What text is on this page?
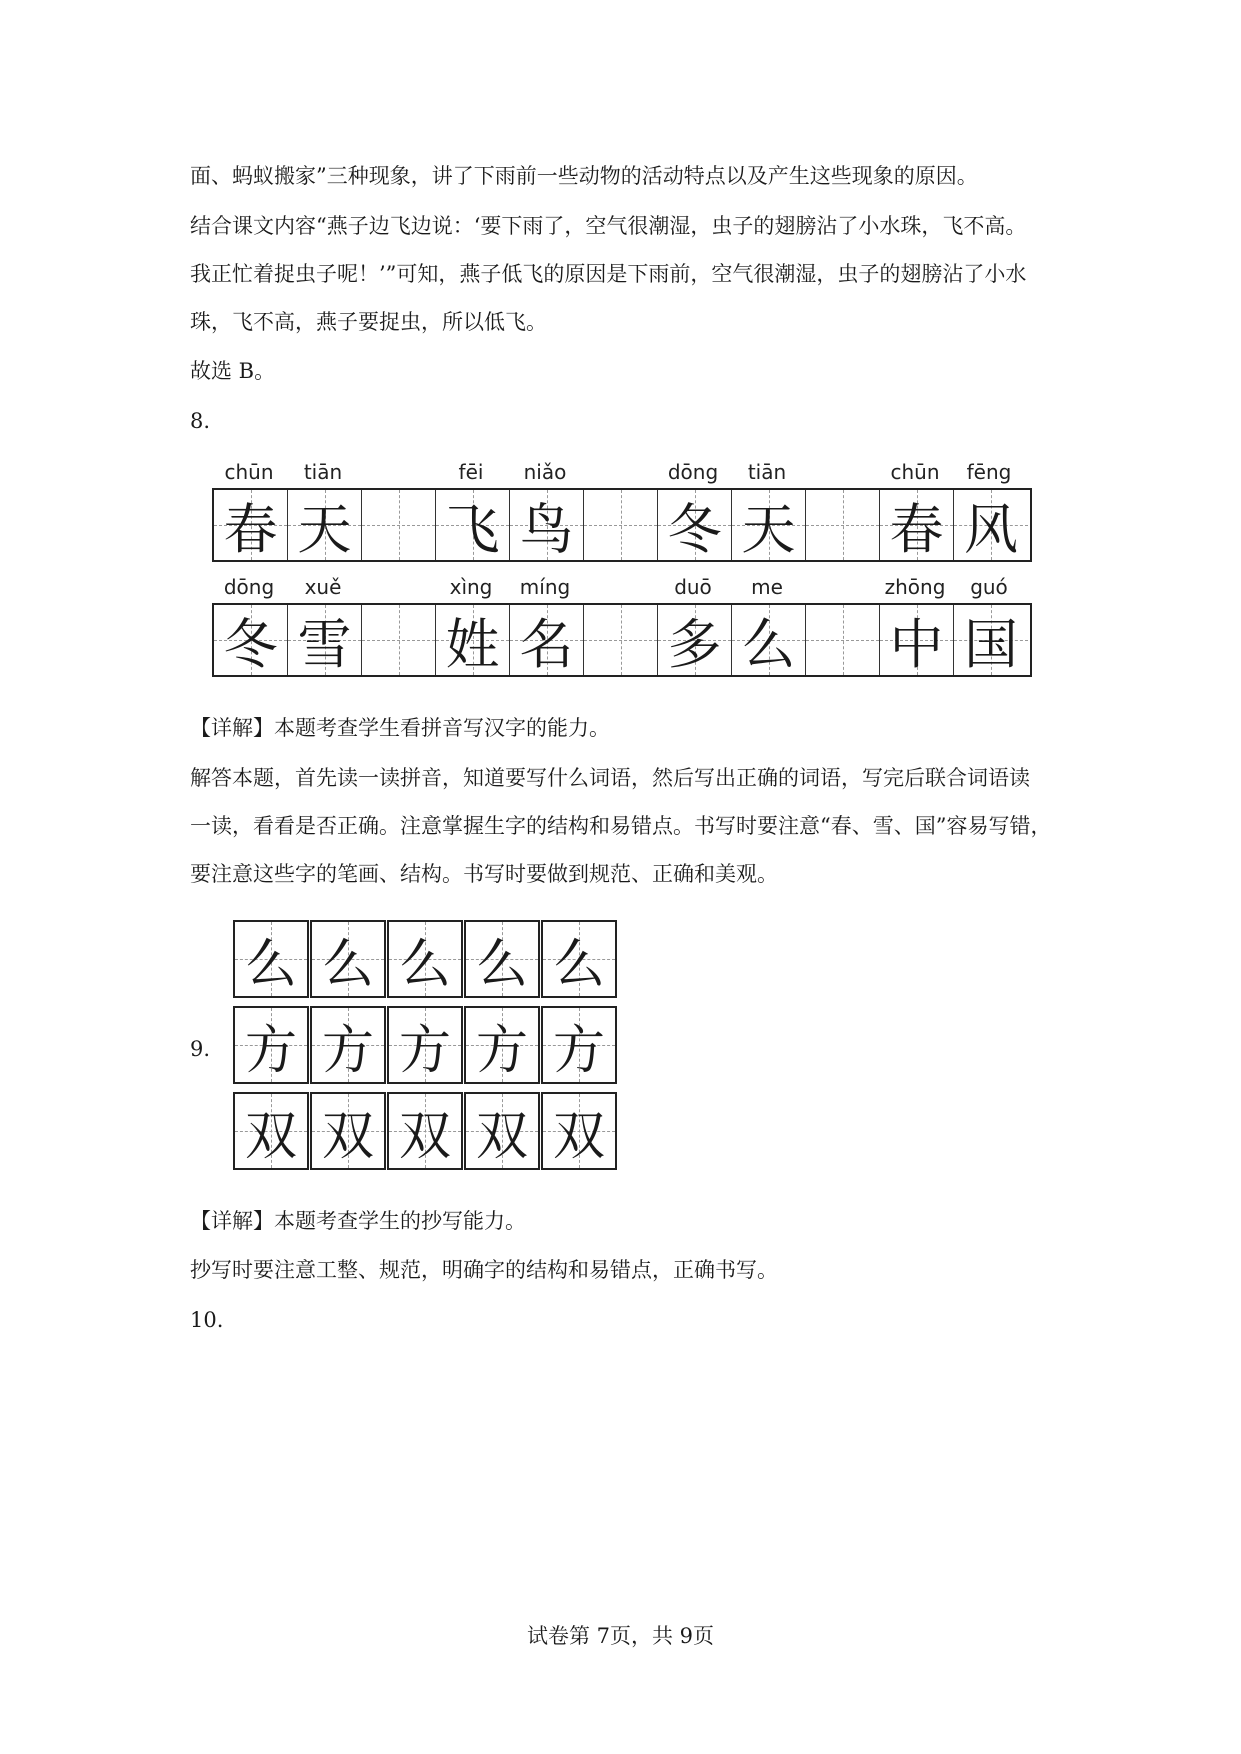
面、蚂蚁搬家”三种现象，讲了下雨前一些动物的活动特点以及产生这些现象的原因。

结合课文内容“燕子边飞边说：‘要下雨了，空气很潮湿，虫子的翅膀沾了小水珠，飞不高。

我正忙着捉虫子呢！’”可知，燕子低飞的原因是下雨前，空气很潮湿，虫子的翅膀沾了小水

珠，飞不高，燕子要捉虫，所以低飞。

故选 B。

8.
chūn	tiān	fēi	niǎo	dōng	tiān	chūn	fēng
春 天 飞 鸟 冬 天 春 风
dōng	xuě	xìng	míng	duō	me	zhōng	guó
冬 雪 姓 名 多 么 中 国

【详解】本题考查学生看拼音写汉字的能力。

解答本题，首先读一读拼音，知道要写什么词语，然后写出正确的词语，写完后联合词语读

一读，看看是否正确。注意掌握生字的结构和易错点。书写时要注意“春、雪、国”容易写错，

要注意这些字的笔画、结构。书写时要做到规范、正确和美观。

9.
么 么 么 么 么
方 方 方 方 方
双 双 双 双 双

【详解】本题考查学生的抄写能力。

抄写时要注意工整、规范，明确字的结构和易错点，正确书写。

10.
试卷第 7页，共 9页
